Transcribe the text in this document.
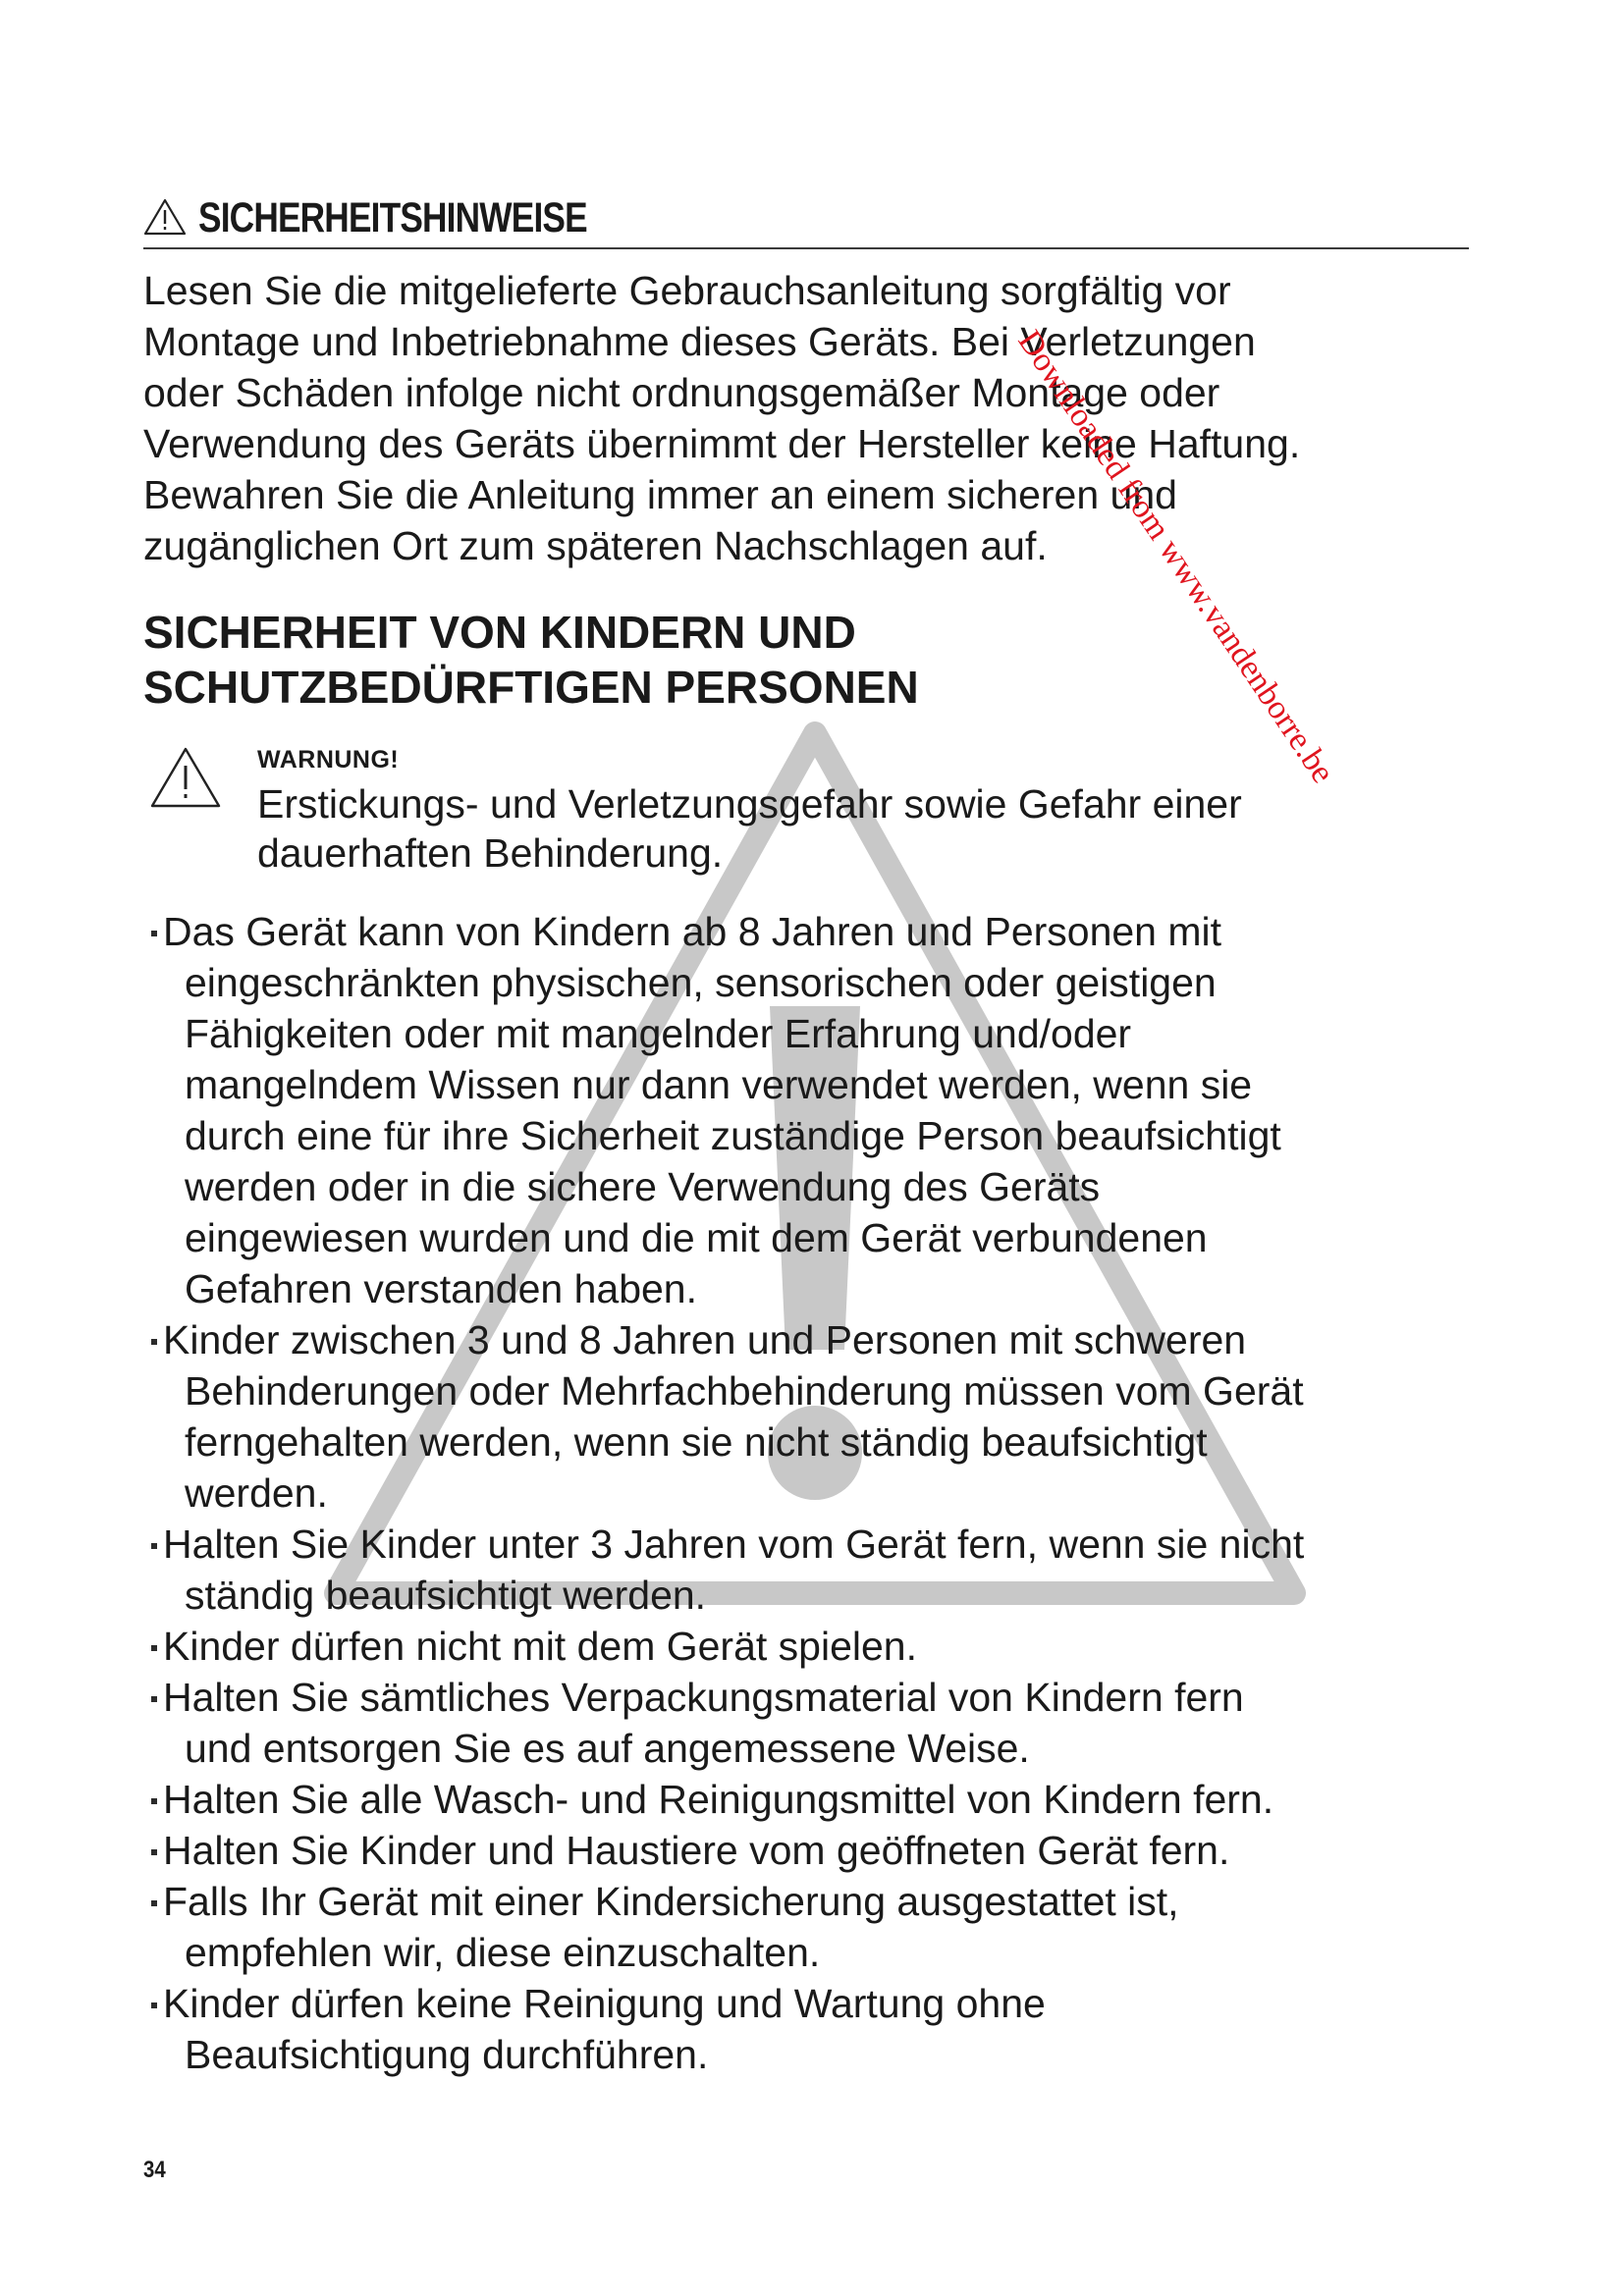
SICHERHEITSHINWEISE

Lesen Sie die mitgelieferte Gebrauchsanleitung sorgfältig vor

Montage und Inbetriebnahme dieses Geräts. Bei Verletzungen

oder Schäden infolge nicht ordnungsgemäßer Montage oder

Verwendung des Geräts übernimmt der Hersteller keine Haftung.

Bewahren Sie die Anleitung immer an einem sicheren und

zugänglichen Ort zum späteren Nachschlagen auf.

SICHERHEIT VON KINDERN UND

SCHUTZBEDÜRFTIGEN PERSONEN

WARNUNG!

Erstickungs- und Verletzungsgefahr sowie Gefahr einer

dauerhaften Behinderung.

Das Gerät kann von Kindern ab 8 Jahren und Personen mit
eingeschränkten physischen, sensorischen oder geistigen
Fähigkeiten oder mit mangelnder Erfahrung und/oder
mangelndem Wissen nur dann verwendet werden, wenn sie
durch eine für ihre Sicherheit zuständige Person beaufsichtigt
werden oder in die sichere Verwendung des Geräts
eingewiesen wurden und die mit dem Gerät verbundenen
Gefahren verstanden haben.
Kinder zwischen 3 und 8 Jahren und Personen mit schweren
Behinderungen oder Mehrfachbehinderung müssen vom Gerät
ferngehalten werden, wenn sie nicht ständig beaufsichtigt
werden.
Halten Sie Kinder unter 3 Jahren vom Gerät fern, wenn sie nicht
ständig beaufsichtigt werden.
Kinder dürfen nicht mit dem Gerät spielen.
Halten Sie sämtliches Verpackungsmaterial von Kindern fern
und entsorgen Sie es auf angemessene Weise.
Halten Sie alle Wasch- und Reinigungsmittel von Kindern fern.
Halten Sie Kinder und Haustiere vom geöffneten Gerät fern.
Falls Ihr Gerät mit einer Kindersicherung ausgestattet ist,
empfehlen wir, diese einzuschalten.
Kinder dürfen keine Reinigung und Wartung ohne
Beaufsichtigung durchführen.
34
Downloaded from www.vandenborre.be
